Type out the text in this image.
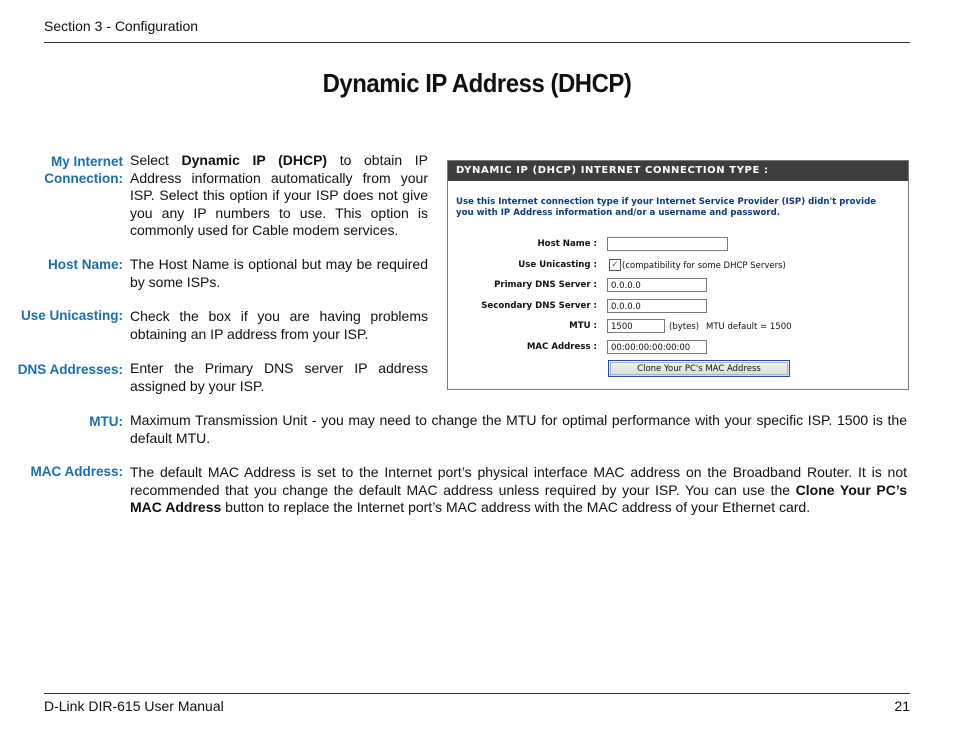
Section 3 - Configuration
Dynamic IP Address (DHCP)
My Internet
Connection:
Select Dynamic IP (DHCP) to obtain IP Address information automatically from your ISP. Select this option if your ISP does not give you any IP numbers to use. This option is commonly used for Cable modem services.
Host Name: The Host Name is optional but may be required by some ISPs.
Use Unicasting: Check the box if you are having problems obtaining an IP address from your ISP.
DNS Addresses: Enter the Primary DNS server IP address assigned by your ISP.
MTU: Maximum Transmission Unit - you may need to change the MTU for optimal performance with your specific ISP. 1500 is the default MTU.
MAC Address: The default MAC Address is set to the Internet port’s physical interface MAC address on the Broadband Router. It is not recommended that you change the default MAC address unless required by your ISP. You can use the Clone Your PC’s MAC Address button to replace the Internet port’s MAC address with the MAC address of your Ethernet card.
DYNAMIC IP (DHCP) INTERNET CONNECTION TYPE :
Use this Internet connection type if your Internet Service Provider (ISP) didn't provide you with IP Address information and/or a username and password.
Host Name :
Use Unicasting : ✓ (compatibility for some DHCP Servers)
Primary DNS Server :	0.0.0.0
Secondary DNS Server :	0.0.0.0
MTU :	1500	(bytes) MTU default = 1500
MAC Address :	00:00:00:00:00:00
Clone Your PC's MAC Address
D-Link DIR-615 User Manual	21
